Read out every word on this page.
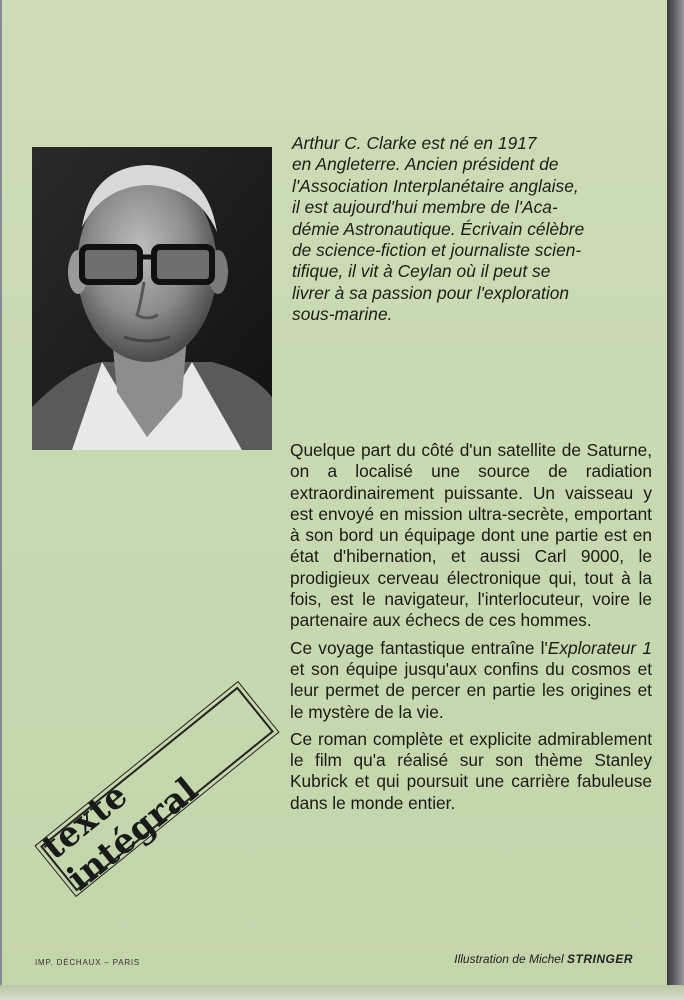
Arthur C. Clarke est né en 1917
en Angleterre. Ancien président de
l'Association Interplanétaire anglaise,
il est aujourd'hui membre de l'Aca-
démie Astronautique. Écrivain célèbre
de science-fiction et journaliste scien-
tifique, il vit à Ceylan où il peut se
livrer à sa passion pour l'exploration
sous-marine.

Quelque part du côté d'un satellite de Saturne, on a localisé une source de radiation extraordinairement puissante. Un vaisseau y est envoyé en mission ultra-secrète, emportant à son bord un équipage dont une partie est en état d'hibernation, et aussi Carl 9000, le prodigieux cerveau électronique qui, tout à la fois, est le navigateur, l'interlocuteur, voire le partenaire aux échecs de ces hommes.

Ce voyage fantastique entraîne l'Explorateur 1 et son équipe jusqu'aux confins du cosmos et leur permet de percer en partie les origines et le mystère de la vie.

Ce roman complète et explicite admirablement le film qu'a réalisé sur son thème Stanley Kubrick et qui poursuit une carrière fabuleuse dans le monde entier.

texte intégral
IMP. DÉCHAUX – PARIS	Illustration de Michel STRINGER
